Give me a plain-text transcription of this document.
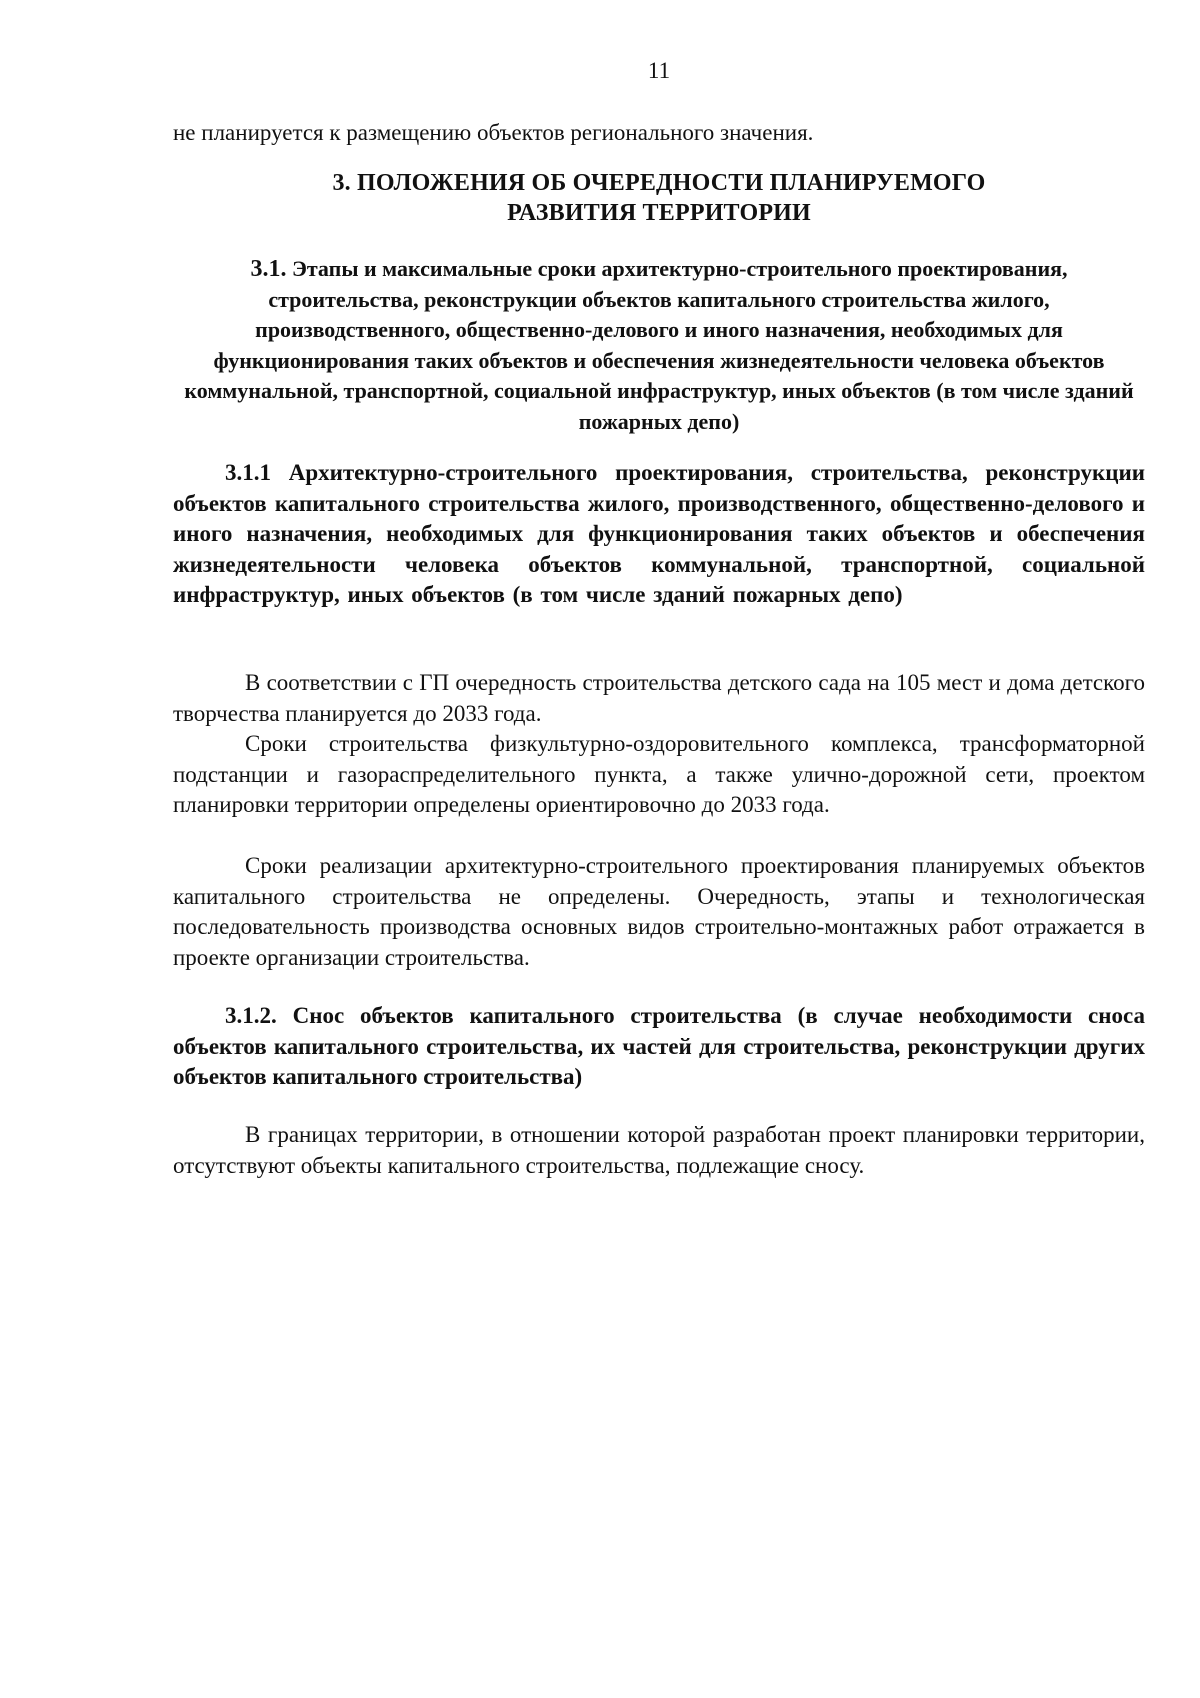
11
не планируется к размещению объектов регионального значения.
3. ПОЛОЖЕНИЯ ОБ ОЧЕРЕДНОСТИ ПЛАНИРУЕМОГО
РАЗВИТИЯ ТЕРРИТОРИИ
3.1. Этапы и максимальные сроки архитектурно-строительного проектирования, строительства, реконструкции объектов капитального строительства жилого, производственного, общественно-делового и иного назначения, необходимых для функционирования таких объектов и обеспечения жизнедеятельности человека объектов коммунальной, транспортной, социальной инфраструктур, иных объектов (в том числе зданий пожарных депо)
3.1.1 Архитектурно-строительного проектирования, строительства, реконструкции объектов капитального строительства жилого, производственного, общественно-делового и иного назначения, необходимых для функционирования таких объектов и обеспечения жизнедеятельности человека объектов коммунальной, транспортной, социальной инфраструктур, иных объектов (в том числе зданий пожарных депо)
В соответствии с ГП очередность строительства детского сада на 105 мест и дома детского творчества планируется до 2033 года.
Сроки строительства физкультурно-оздоровительного комплекса, трансформаторной подстанции и газораспределительного пункта, а также улично-дорожной сети, проектом планировки территории определены ориентировочно до 2033 года.
Сроки реализации архитектурно-строительного проектирования планируемых объектов капитального строительства не определены. Очередность, этапы и технологическая последовательность производства основных видов строительно-монтажных работ отражается в проекте организации строительства.
3.1.2. Снос объектов капитального строительства (в случае необходимости сноса объектов капитального строительства, их частей для строительства, реконструкции других объектов капитального строительства)
В границах территории, в отношении которой разработан проект планировки территории, отсутствуют объекты капитального строительства, подлежащие сносу.
